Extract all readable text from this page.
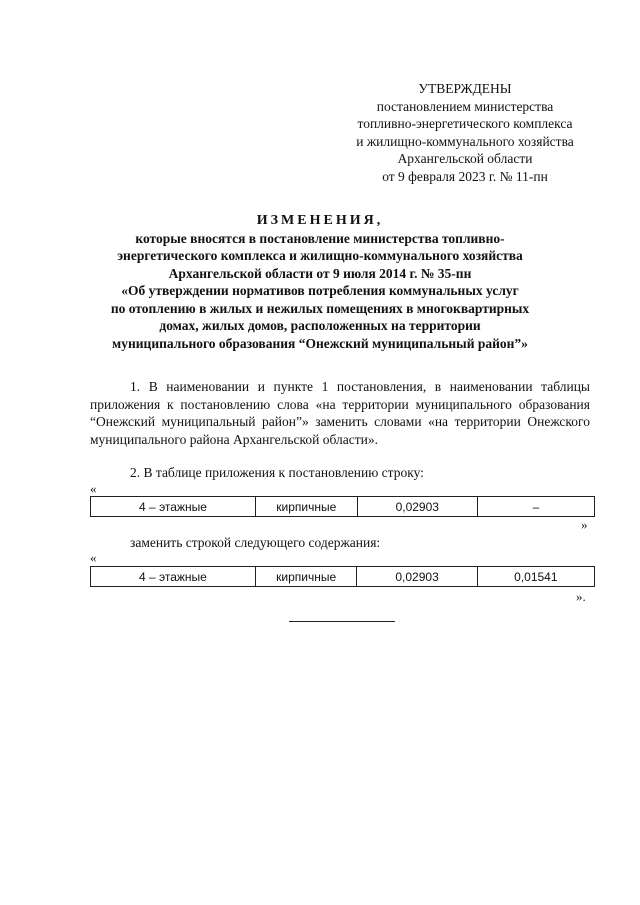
УТВЕРЖДЕНЫ
постановлением министерства
топливно-энергетического комплекса
и жилищно-коммунального хозяйства
Архангельской области
от 9 февраля 2023 г. № 11-пн
ИЗМЕНЕНИЯ,
которые вносятся в постановление министерства топливно-
энергетического комплекса и жилищно-коммунального хозяйства
Архангельской области от 9 июля 2014 г. № 35-пн
«Об утверждении нормативов потребления коммунальных услуг
по отоплению в жилых и нежилых помещениях в многоквартирных
домах, жилых домов, расположенных на территории
муниципального образования “Онежский муниципальный район”»
1. В наименовании и пункте 1 постановления, в наименовании таблицы приложения к постановлению слова «на территории муниципального образования “Онежский муниципальный район”» заменить словами «на территории Онежского муниципального района Архангельской области».
2. В таблице приложения к постановлению строку:
«
4 – этажные	кирпичные	0,02903	–
»
заменить строкой следующего содержания:
«
4 – этажные	кирпичные	0,02903	0,01541
».
